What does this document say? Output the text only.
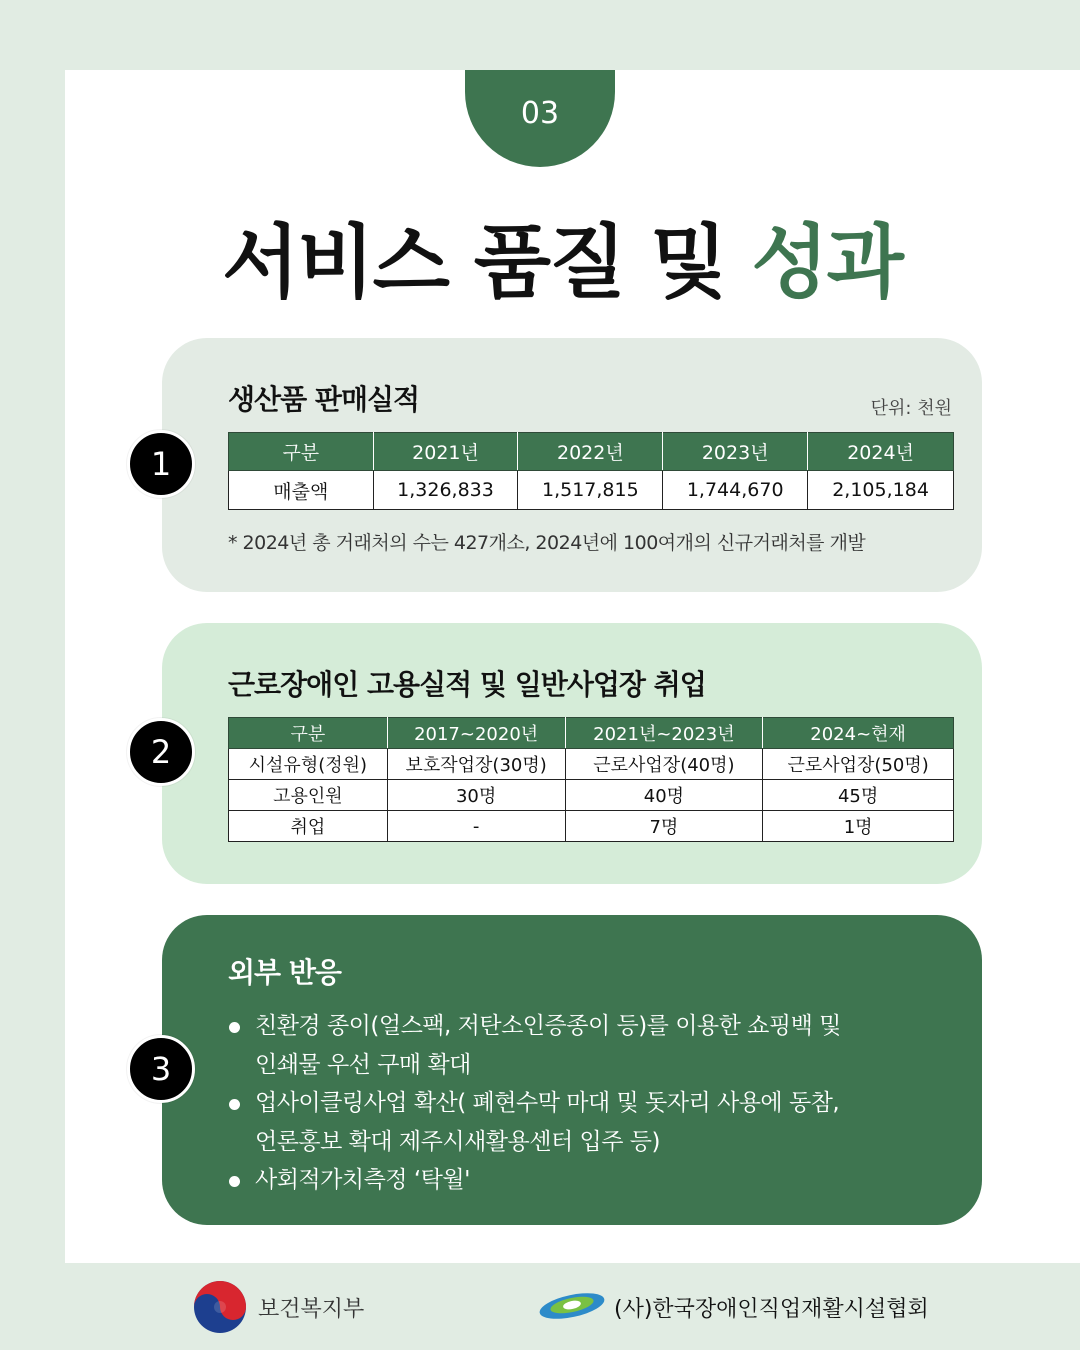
03
서비스 품질 및 성과
생산품 판매실적	단위: 천원
구분	2021년	2022년	2023년	2024년
매출액	1,326,833	1,517,815	1,744,670	2,105,184
* 2024년 총 거래처의 수는 427개소, 2024년에 100여개의 신규거래처를 개발
근로장애인 고용실적 및 일반사업장 취업
구분	2017~2020년	2021년~2023년	2024~현재
시설유형(정원)	보호작업장(30명)	근로사업장(40명)	근로사업장(50명)
고용인원	30명	40명	45명
취업	-	7명	1명
외부 반응
친환경 종이(얼스팩, 저탄소인증종이 등)를 이용한 쇼핑백 및
인쇄물 우선 구매 확대
업사이클링사업 확산( 폐현수막 마대 및 돗자리 사용에 동참,
언론홍보 확대 제주시새활용센터 입주 등)
사회적가치측정 ‘탁월'
1
2
3
보건복지부	(사)한국장애인직업재활시설협회
